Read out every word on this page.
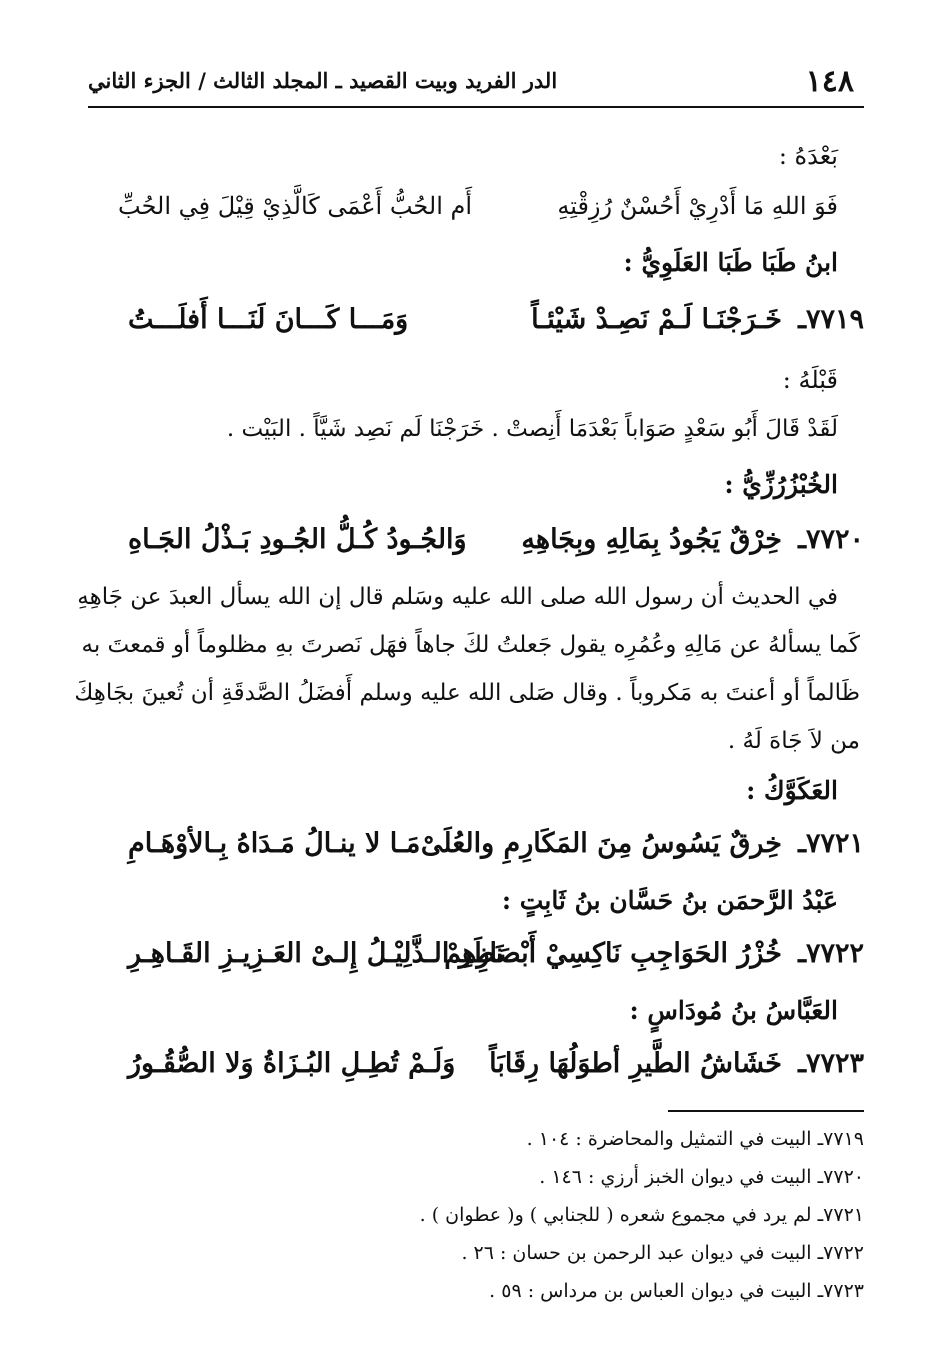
١٤٨
الدر الفريد وبيت القصيد ـ المجلد الثالث / الجزء الثاني
بَعْدَهُ :
فَوَ اللهِ مَا أَدْرِيْ أَحُسْنٌ رُزِقْتِهِ
أَم الحُبُّ أَعْمَى كَالَّذِيْ قِيْلَ فِي الحُبِّ
ابنُ طَبَا طَبَا العَلَوِيُّ :
٧٧١٩ـ
خَـرَجْنَـا لَـمْ نَصِـدْ شَيْئـاً
وَمَـــا كَـــانَ لَنَـــا أَفلَـــتُ
قَبْلَهُ :
لَقَدْ قَالَ أَبُو سَعْدٍ صَوَاباً بَعْدَمَا أَنِصتْ . خَرَجْنَا لَم نَصِد شَيَّاً . البَيْت .
الخُبْزُرُزِّيُّ :
٧٧٢٠ـ
خِرْقٌ يَجُودُ بِمَالِهِ وبِجَاهِهِ
وَالجُـودُ كُـلُّ الجُـودِ بَـذْلُ الجَـاهِ
في الحديث أن رسول الله صلى الله عليه وسَلم قال إن الله يسأل العبدَ عن جَاهِهِ
كَما يسألهُ عن مَالِهِ وعُمُرِه يقول جَعلتُ لكَ جاهاً فهَل نَصرتَ بهِ مظلوماً أو قمعتَ به
ظَالماً أو أعنتَ به مَكروباً . وقال صَلى الله عليه وسلم أَفضَلُ الصَّدقَةِ أن تُعينَ بجَاهِكَ
من لاَ جَاهَ لَهُ .
العَكَوَّكُ :
٧٧٢١ـ
خِرقٌ يَسُوسُ مِنَ المَكَارِمِ والعُلَىْ
مَـا لا ينـالُ مَـدَاهُ بِـالأوْهَـامِ
عَبْدُ الرَّحمَن بنُ حَسَّان بنُ ثَابِتٍ :
٧٧٢٢ـ
خُزْرُ الحَوَاجِبِ نَاكِسِيْ أَبْصَارِهِمْ
نَظَر الـذَّلِيْـلُ إِلـىْ العَـزِيـزِ القَـاهِـرِ
العَبَّاسُ بنُ مُودَاسٍ :
٧٧٢٣ـ
خَشَاشُ الطَّيرِ أطوَلُهَا رِقَابَاً
وَلَـمْ تُطِـلِ البُـزَاةُ وَلا الصُّقُـورُ
٧٧١٩ـ البيت في التمثيل والمحاضرة : ١٠٤ .
٧٧٢٠ـ البيت في ديوان الخبز أرزي : ١٤٦ .
٧٧٢١ـ لم يرد في مجموع شعره ( للجنابي ) و( عطوان ) .
٧٧٢٢ـ البيت في ديوان عبد الرحمن بن حسان : ٢٦ .
٧٧٢٣ـ البيت في ديوان العباس بن مرداس : ٥٩ .
